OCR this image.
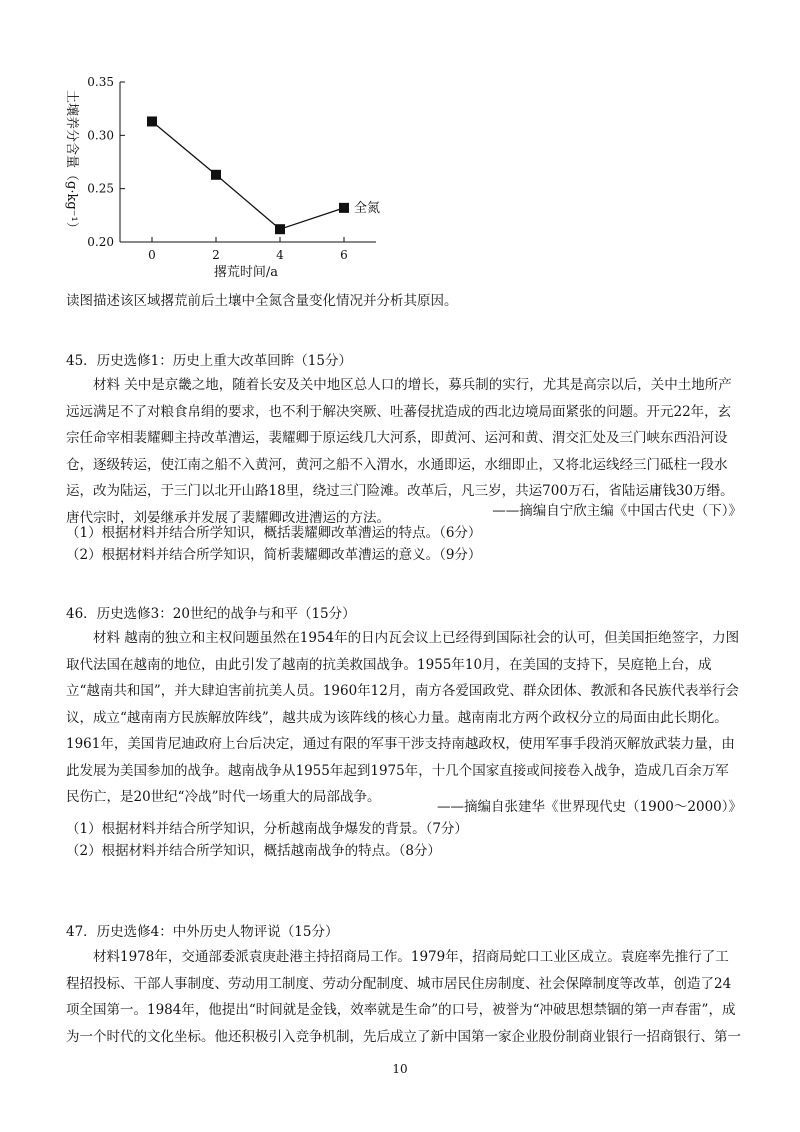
0.20
0.25
0.30
0.35
0	2	4	6
全氮
土壤养分含量（g·kg⁻¹）
撂荒时间/a
读图描述该区域撂荒前后土壤中全氮含量变化情况并分析其原因。
45．历史选修1：历史上重大改革回眸（15分）
材料 关中是京畿之地，随着长安及关中地区总人口的增长，募兵制的实行，尤其是高宗以后，关中土地所产远远满足不了对粮食帛绢的要求，也不利于解决突厥、吐蕃侵扰造成的西北边境局面紧张的问题。开元22年，玄宗任命宰相裴耀卿主持改革漕运，裴耀卿于原运线几大河系，即黄河、运河和黄、渭交汇处及三门峡东西沿河设仓，逐级转运，使江南之船不入黄河，黄河之船不入渭水，水通即运，水细即止，又将北运线经三门砥柱一段水运，改为陆运，于三门以北开山路18里，绕过三门险滩。改革后，凡三岁，共运700万石，省陆运庸钱30万缗。唐代宗时，刘晏继承并发展了裴耀卿改进漕运的方法。	——摘编自宁欣主编《中国古代史（下）》
（1）根据材料并结合所学知识，概括裴耀卿改革漕运的特点。（6分）
（2）根据材料并结合所学知识，简析裴耀卿改革漕运的意义。（9分）
46．历史选修3：20世纪的战争与和平（15分）
材料 越南的独立和主权问题虽然在1954年的日内瓦会议上已经得到国际社会的认可，但美国拒绝签字，力图取代法国在越南的地位，由此引发了越南的抗美救国战争。1955年10月，在美国的支持下，吴庭艳上台，成立“越南共和国”，并大肆迫害前抗美人员。1960年12月，南方各爱国政党、群众团体、教派和各民族代表举行会议，成立“越南南方民族解放阵线”，越共成为该阵线的核心力量。越南南北方两个政权分立的局面由此长期化。1961年，美国肯尼迪政府上台后决定，通过有限的军事干涉支持南越政权，使用军事手段消灭解放武装力量，由此发展为美国参加的战争。越南战争从1955年起到1975年，十几个国家直接或间接卷入战争，造成几百余万军民伤亡，是20世纪“冷战”时代一场重大的局部战争。
——摘编自张建华《世界现代史（1900～2000）》
（1）根据材料并结合所学知识，分析越南战争爆发的背景。（7分）
（2）根据材料并结合所学知识，概括越南战争的特点。（8分）
47．历史选修4：中外历史人物评说（15分）
材料1978年，交通部委派袁庚赴港主持招商局工作。1979年，招商局蛇口工业区成立。袁庭率先推行了工程招投标、干部人事制度、劳动用工制度、劳动分配制度、城市居民住房制度、社会保障制度等改革，创造了24项全国第一。1984年，他提出“时间就是金钱，效率就是生命”的口号，被誉为“冲破思想禁锢的第一声春雷”，成为一个时代的文化坐标。他还积极引入竞争机制，先后成立了新中国第一家企业股份制商业银行一招商银行、第一
10
